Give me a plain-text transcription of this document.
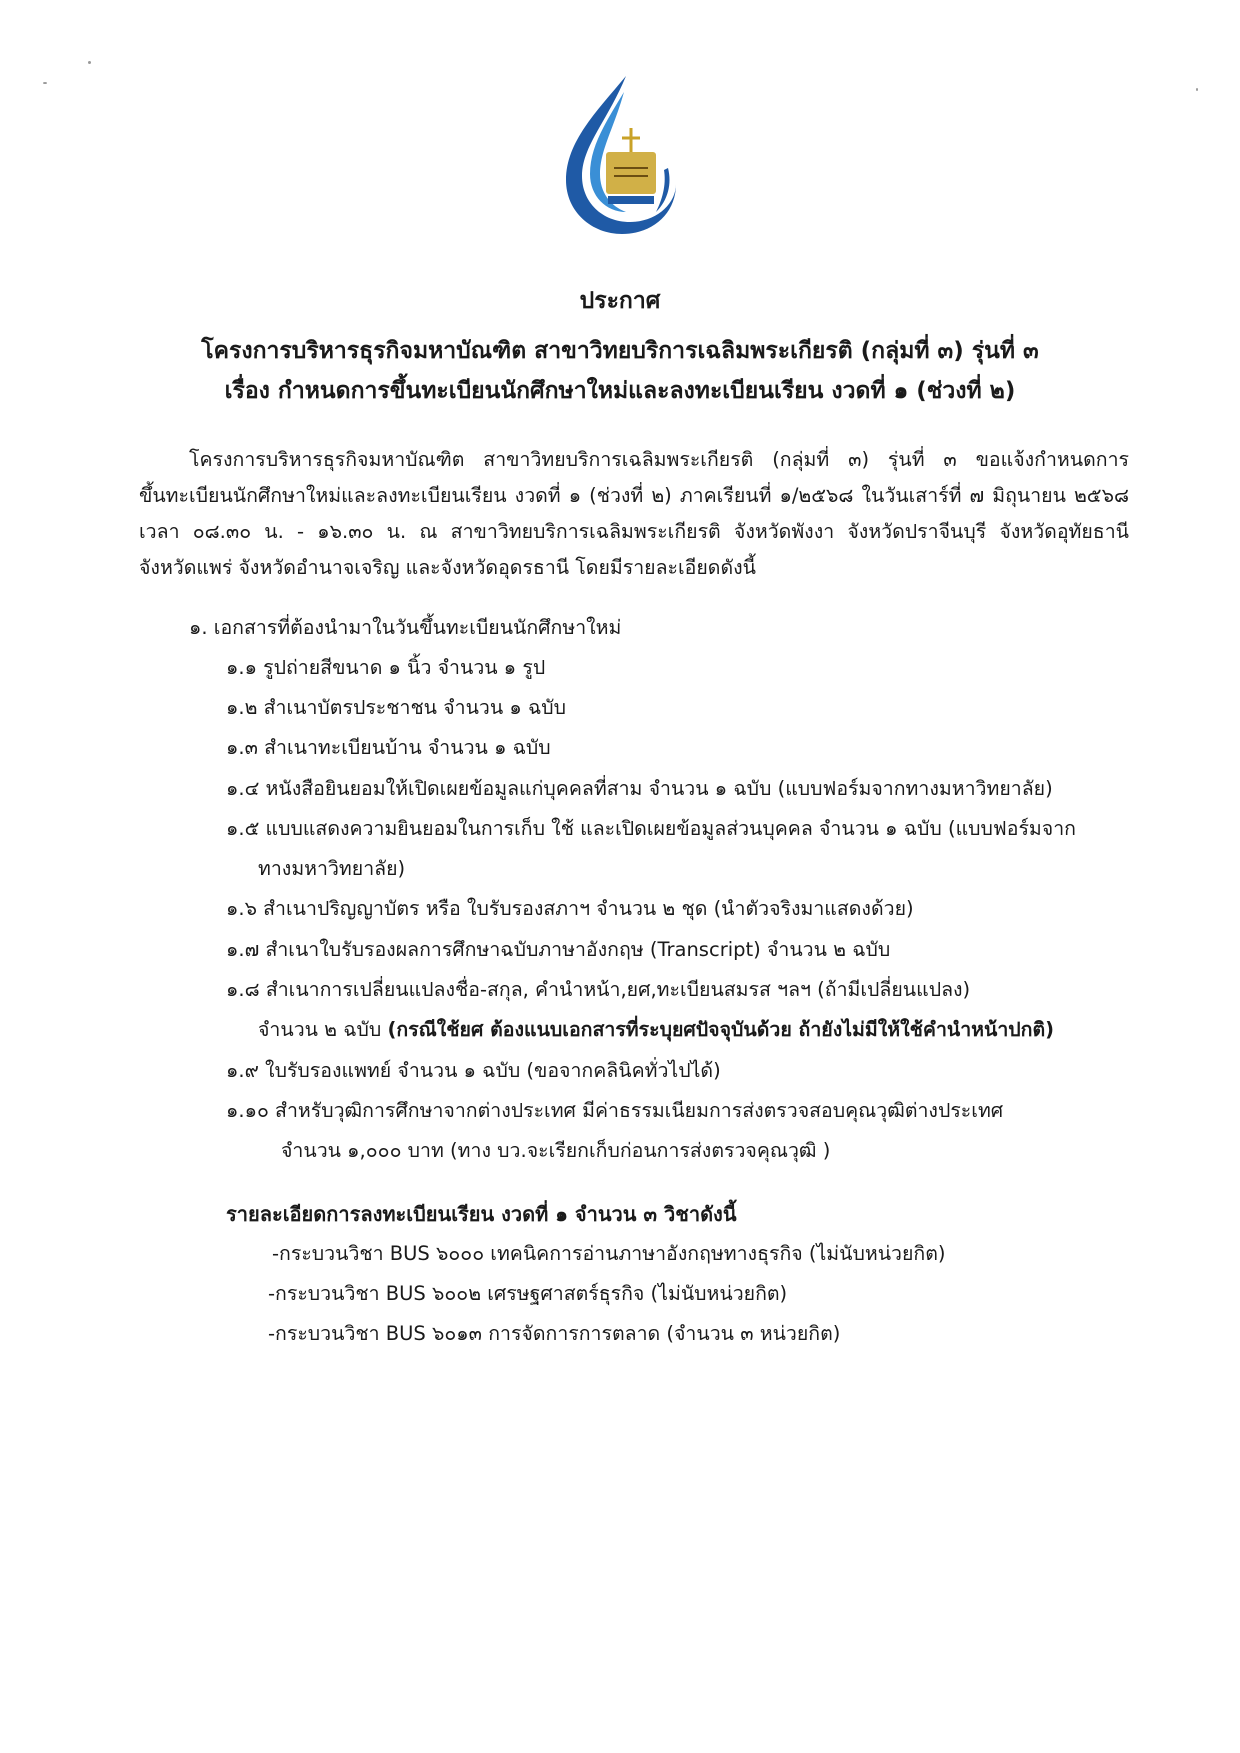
ประกาศ
โครงการบริหารธุรกิจมหาบัณฑิต สาขาวิทยบริการเฉลิมพระเกียรติ (กลุ่มที่ ๓) รุ่นที่ ๓
เรื่อง กำหนดการขึ้นทะเบียนนักศึกษาใหม่และลงทะเบียนเรียน งวดที่ ๑ (ช่วงที่ ๒)
โครงการบริหารธุรกิจมหาบัณฑิต สาขาวิทยบริการเฉลิมพระเกียรติ (กลุ่มที่ ๓) รุ่นที่ ๓ ขอแจ้งกำหนดการ
ขึ้นทะเบียนนักศึกษาใหม่และลงทะเบียนเรียน งวดที่ ๑ (ช่วงที่ ๒) ภาคเรียนที่ ๑/๒๕๖๘ ในวันเสาร์ที่ ๗ มิถุนายน ๒๕๖๘
เวลา ๐๘.๓๐ น. - ๑๖.๓๐ น. ณ สาขาวิทยบริการเฉลิมพระเกียรติ จังหวัดพังงา จังหวัดปราจีนบุรี จังหวัดอุทัยธานี
จังหวัดแพร่ จังหวัดอำนาจเจริญ และจังหวัดอุดรธานี โดยมีรายละเอียดดังนี้
๑. เอกสารที่ต้องนำมาในวันขึ้นทะเบียนนักศึกษาใหม่
๑.๑ รูปถ่ายสีขนาด ๑ นิ้ว จำนวน ๑ รูป
๑.๒ สำเนาบัตรประชาชน จำนวน ๑ ฉบับ
๑.๓ สำเนาทะเบียนบ้าน จำนวน ๑ ฉบับ
๑.๔ หนังสือยินยอมให้เปิดเผยข้อมูลแก่บุคคลที่สาม จำนวน ๑ ฉบับ (แบบฟอร์มจากทางมหาวิทยาลัย)
๑.๕ แบบแสดงความยินยอมในการเก็บ ใช้ และเปิดเผยข้อมูลส่วนบุคคล จำนวน ๑ ฉบับ (แบบฟอร์มจาก
ทางมหาวิทยาลัย)
๑.๖ สำเนาปริญญาบัตร หรือ ใบรับรองสภาฯ จำนวน ๒ ชุด (นำตัวจริงมาแสดงด้วย)
๑.๗ สำเนาใบรับรองผลการศึกษาฉบับภาษาอังกฤษ (Transcript) จำนวน ๒ ฉบับ
๑.๘ สำเนาการเปลี่ยนแปลงชื่อ-สกุล, คำนำหน้า,ยศ,ทะเบียนสมรส ฯลฯ (ถ้ามีเปลี่ยนแปลง)
จำนวน ๒ ฉบับ (กรณีใช้ยศ ต้องแนบเอกสารที่ระบุยศปัจจุบันด้วย ถ้ายังไม่มีให้ใช้คำนำหน้าปกติ)
๑.๙ ใบรับรองแพทย์ จำนวน ๑ ฉบับ (ขอจากคลินิคทั่วไปได้)
๑.๑๐ สำหรับวุฒิการศึกษาจากต่างประเทศ มีค่าธรรมเนียมการส่งตรวจสอบคุณวุฒิต่างประเทศ
จำนวน ๑,๐๐๐ บาท (ทาง บว.จะเรียกเก็บก่อนการส่งตรวจคุณวุฒิ )
รายละเอียดการลงทะเบียนเรียน งวดที่ ๑ จำนวน ๓ วิชาดังนี้
-กระบวนวิชา BUS ๖๐๐๐ เทคนิคการอ่านภาษาอังกฤษทางธุรกิจ (ไม่นับหน่วยกิต)
-กระบวนวิชา BUS ๖๐๐๒ เศรษฐศาสตร์ธุรกิจ (ไม่นับหน่วยกิต)
-กระบวนวิชา BUS ๖๐๑๓ การจัดการการตลาด (จำนวน ๓ หน่วยกิต)
